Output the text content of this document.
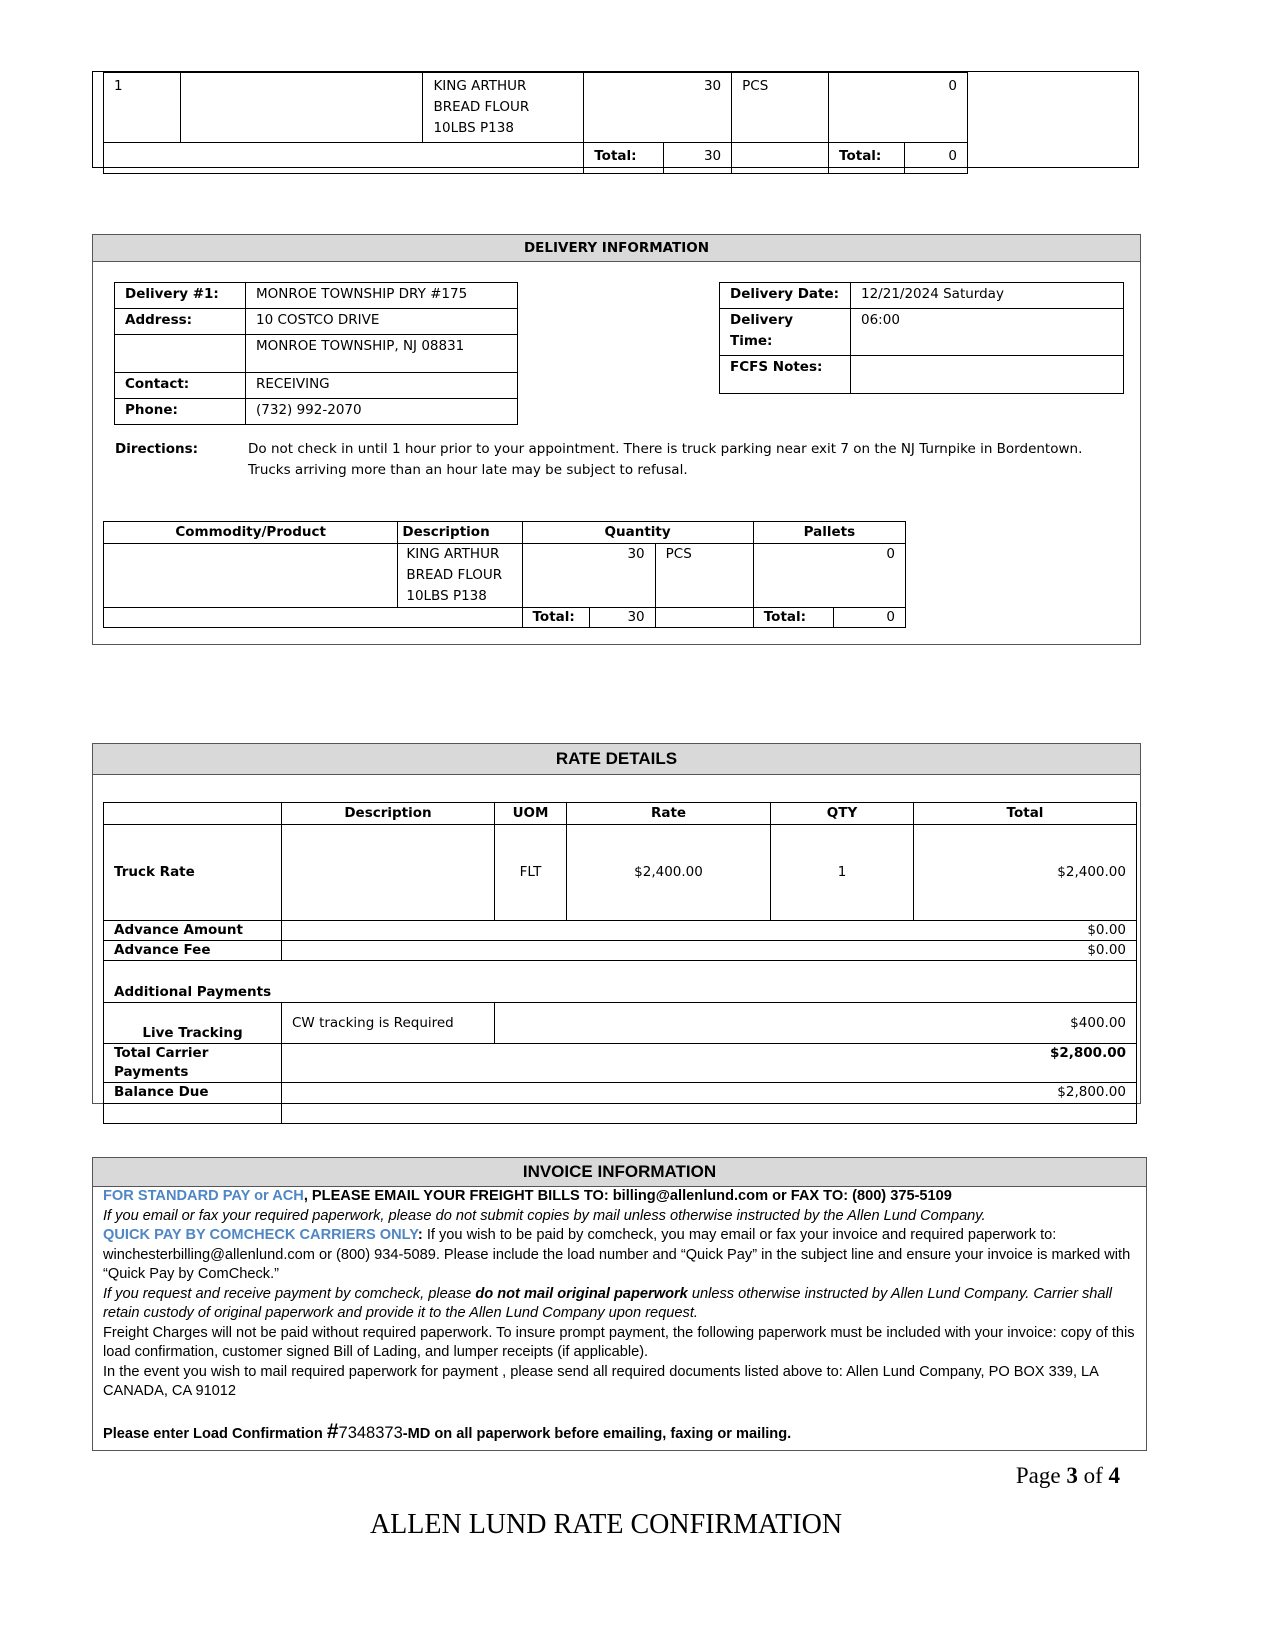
1		KING ARTHUR BREAD FLOUR 10LBS P138	30		PCS	0	
			Total:	30		Total:	0
DELIVERY INFORMATION
Delivery #1:	MONROE TOWNSHIP DRY #175
Address:	10 COSTCO DRIVE
	MONROE TOWNSHIP, NJ 08831
Contact:	RECEIVING
Phone:	(732) 992-2070
Delivery Date:	12/21/2024 Saturday
Delivery Time:	06:00
FCFS Notes:	
Directions:	Do not check in until 1 hour prior to your appointment. There is truck parking near exit 7 on the NJ Turnpike in Bordentown. Trucks arriving more than an hour late may be subject to refusal.
Commodity/Product	Description	Quantity			Pallets	
	KING ARTHUR BREAD FLOUR 10LBS P138	30		PCS	0	
		Total:	30		Total:	0
RATE DETAILS
	Description	UOM	Rate	QTY	Total
Truck Rate		FLT	$2,400.00	1	$2,400.00
Advance Amount	$0.00				
Advance Fee	$0.00				
Additional Payments					
Live Tracking	CW tracking is Required	$400.00			
Total Carrier Payments	$2,800.00				
Balance Due	$2,800.00				

INVOICE INFORMATION

FOR STANDARD PAY or ACH, PLEASE EMAIL YOUR FREIGHT BILLS TO: billing@allenlund.com or FAX TO: (800) 375-5109

If you email or fax your required paperwork, please do not submit copies by mail unless otherwise instructed by the Allen Lund Company.

QUICK PAY BY COMCHECK CARRIERS ONLY: If you wish to be paid by comcheck, you may email or fax your invoice and required paperwork to: winchesterbilling@allenlund.com or (800) 934-5089. Please include the load number and “Quick Pay” in the subject line and ensure your invoice is marked with “Quick Pay by ComCheck.”

If you request and receive payment by comcheck, please do not mail original paperwork unless otherwise instructed by Allen Lund Company. Carrier shall retain custody of original paperwork and provide it to the Allen Lund Company upon request.

Freight Charges will not be paid without required paperwork. To insure prompt payment, the following paperwork must be included with your invoice: copy of this load confirmation, customer signed Bill of Lading, and lumper receipts (if applicable).

In the event you wish to mail required paperwork for payment , please send all required documents listed above to: Allen Lund Company, PO BOX 339, LA CANADA, CA 91012

Please enter Load Confirmation #7348373-MD on all paperwork before emailing, faxing or mailing.

Page 3 of 4
ALLEN LUND RATE CONFIRMATION
